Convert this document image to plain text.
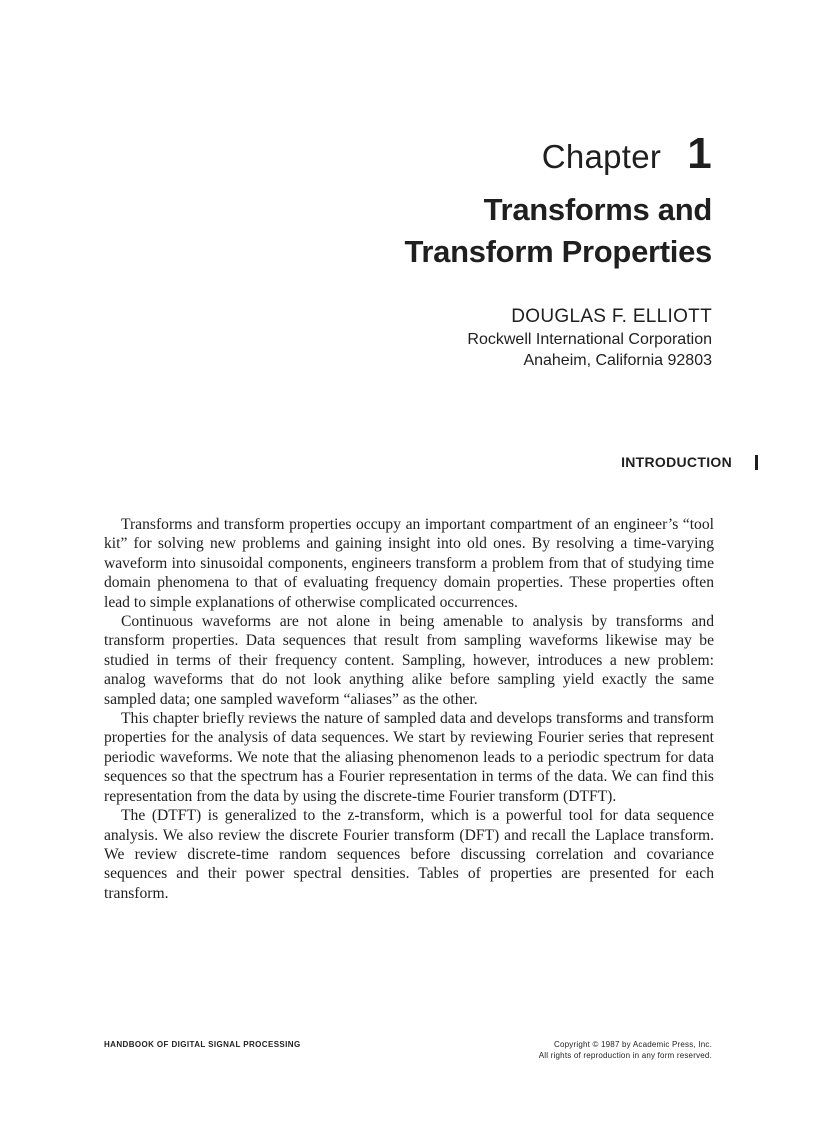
Chapter 1
Transforms and
Transform Properties
DOUGLAS F. ELLIOTT
Rockwell International Corporation
Anaheim, California 92803
INTRODUCTION

Transforms and transform properties occupy an important compartment of an engineer’s “tool kit” for solving new problems and gaining insight into old ones. By resolving a time-varying waveform into sinusoidal components, engineers transform a problem from that of studying time domain phenomena to that of evaluating frequency domain properties. These properties often lead to simple explanations of otherwise complicated occurrences.

Continuous waveforms are not alone in being amenable to analysis by transforms and transform properties. Data sequences that result from sampling waveforms likewise may be studied in terms of their frequency content. Sampling, however, introduces a new problem: analog waveforms that do not look anything alike before sampling yield exactly the same sampled data; one sampled waveform “aliases” as the other.

This chapter briefly reviews the nature of sampled data and develops transforms and transform properties for the analysis of data sequences. We start by reviewing Fourier series that represent periodic waveforms. We note that the aliasing phenomenon leads to a periodic spectrum for data sequences so that the spectrum has a Fourier representation in terms of the data. We can find this representation from the data by using the discrete-time Fourier transform (DTFT).

The (DTFT) is generalized to the z-transform, which is a powerful tool for data sequence analysis. We also review the discrete Fourier transform (DFT) and recall the Laplace transform. We review discrete-time random sequences before discussing correlation and covariance sequences and their power spectral densities. Tables of properties are presented for each transform.

HANDBOOK OF DIGITAL SIGNAL PROCESSING	Copyright © 1987 by Academic Press, Inc.
All rights of reproduction in any form reserved.
